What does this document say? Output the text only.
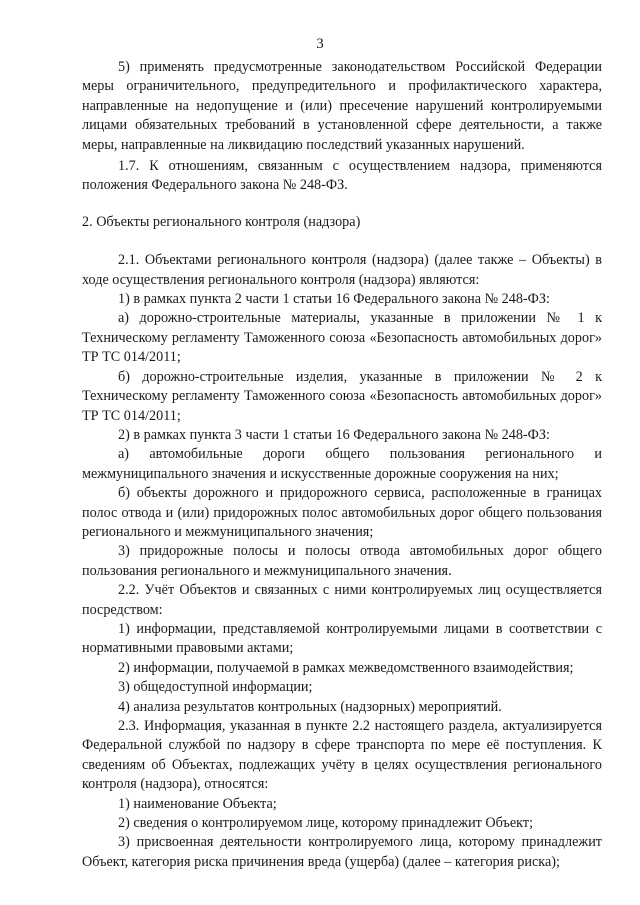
3

5) применять предусмотренные законодательством Российской Федерации меры ограничительного, предупредительного и профилактического характера, направленные на недопущение и (или) пресечение нарушений контролируемыми лицами обязательных требований в установленной сфере деятельности, а также меры, направленные на ликвидацию последствий указанных нарушений.

1.7. К отношениям, связанным с осуществлением надзора, применяются положения Федерального закона № 248-ФЗ.

2. Объекты регионального контроля (надзора)

2.1. Объектами регионального контроля (надзора) (далее также – Объекты) в ходе осуществления регионального контроля (надзора) являются:

1) в рамках пункта 2 части 1 статьи 16 Федерального закона № 248-ФЗ:

а) дорожно-строительные материалы, указанные в приложении № 1 к Техническому регламенту Таможенного союза «Безопасность автомобильных дорог» ТР ТС 014/2011;

б) дорожно-строительные изделия, указанные в приложении № 2 к Техническому регламенту Таможенного союза «Безопасность автомобильных дорог» ТР ТС 014/2011;

2) в рамках пункта 3 части 1 статьи 16 Федерального закона № 248-ФЗ:

а) автомобильные дороги общего пользования регионального и межмуниципального значения и искусственные дорожные сооружения на них;

б) объекты дорожного и придорожного сервиса, расположенные в границах полос отвода и (или) придорожных полос автомобильных дорог общего пользования регионального и межмуниципального значения;

3) придорожные полосы и полосы отвода автомобильных дорог общего пользования регионального и межмуниципального значения.

2.2. Учёт Объектов и связанных с ними контролируемых лиц осуществляется посредством:

1) информации, представляемой контролируемыми лицами в соответствии с нормативными правовыми актами;

2) информации, получаемой в рамках межведомственного взаимодействия;

3) общедоступной информации;

4) анализа результатов контрольных (надзорных) мероприятий.

2.3. Информация, указанная в пункте 2.2 настоящего раздела, актуализируется Федеральной службой по надзору в сфере транспорта по мере её поступления. К сведениям об Объектах, подлежащих учёту в целях осуществления регионального контроля (надзора), относятся:

1) наименование Объекта;

2) сведения о контролируемом лице, которому принадлежит Объект;

3) присвоенная деятельности контролируемого лица, которому принадлежит Объект, категория риска причинения вреда (ущерба) (далее – категория риска);
